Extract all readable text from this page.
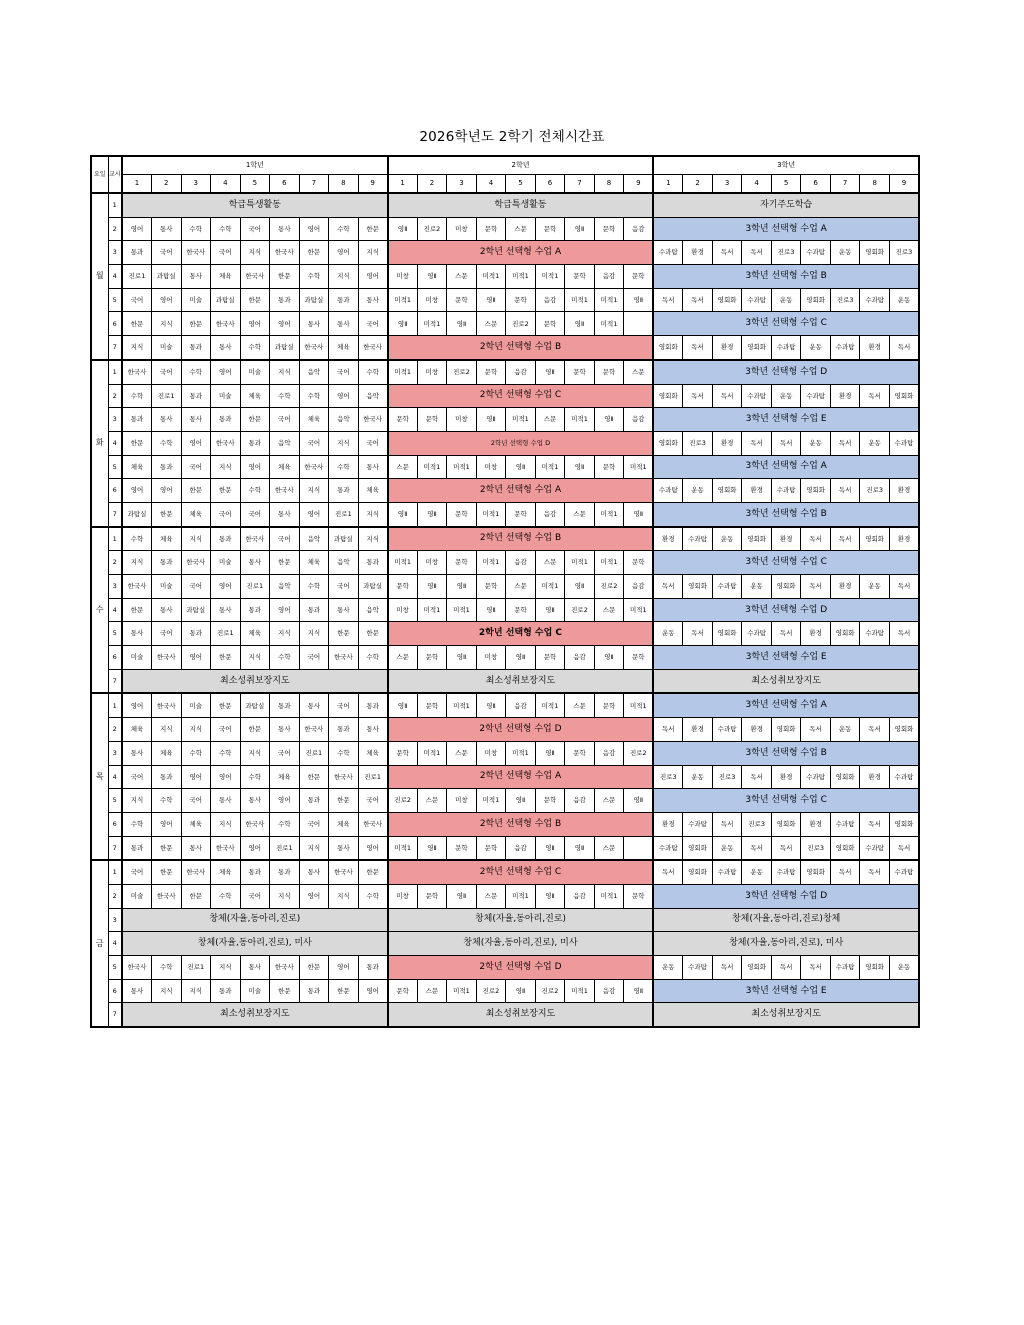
2026학년도 2학기 전체시간표
요일	교시	1학년									2학년									3학년								
		1	2	3	4	5	6	7	8	9	1	2	3	4	5	6	7	8	9	1	2	3	4	5	6	7	8	9
월	1	학급특생활동									학급특생활동									자기주도학습								
	2	영어	통사	수학	수학	국어	통사	영어	수학	한문	영Ⅱ	진로2	미창	문학	스문	문학	영Ⅱ	문학	음감	3학년 선택형 수업 A								
	3	통과	국어	한국사	국어	지식	한국사	한문	영어	지식	2학년 선택형 수업 A									수과탐	환경	독서	독서	진로3	수과탐	운동	영회화	진로3
	4	진로1	과탐실	통사	체육	한국사	한문	수학	지식	영어	미창	영Ⅱ	스문	미적1	미적1	미적1	문학	음감	문학	3학년 선택형 수업 B								
	5	국어	영어	미술	과탐실	한문	통과	과탐실	통과	통사	미적1	미창	문학	영Ⅱ	문학	음감	미적1	미적1	영Ⅱ	독서	독서	영회화	수과탐	운동	영회화	진로3	수과탐	운동
	6	한문	지식	한문	한국사	영어	영어	통사	통사	국어	영Ⅱ	미적1	영Ⅱ	스문	진로2	문학	영Ⅱ	미적1		3학년 선택형 수업 C								
	7	지식	미술	통과	통사	수학	과탐실	한국사	체육	한국사	2학년 선택형 수업 B									영회화	독서	환경	영회화	수과탐	운동	수과탐	환경	독서
화	1	한국사	국어	수학	영어	미술	지식	음악	국어	수학	미적1	미창	진로2	문학	음감	영Ⅱ	문학	문학	스문	3학년 선택형 수업 D								
	2	수학	진로1	통과	미술	체육	수학	수학	영어	음악	2학년 선택형 수업 C									영회화	독서	독서	수과탐	운동	수과탐	환경	독서	영회화
	3	통과	통사	통사	통과	한문	국어	체육	음악	한국사	문학	문학	미창	영Ⅱ	미적1	스문	미적1	영Ⅱ	음감	3학년 선택형 수업 E								
	4	한문	수학	영어	한국사	통과	음악	국어	지식	국어	2학년 선택형 수업 D									영회화	진로3	환경	독서	독서	운동	독서	운동	수과탐
	5	체육	통과	국어	지식	영어	체육	한국사	수학	통사	스문	미적1	미적1	미창	영Ⅱ	미적1	영Ⅱ	문학	미적1	3학년 선택형 수업 A								
	6	영어	영어	한문	한문	수학	한국사	지식	통과	체육	2학년 선택형 수업 A									수과탐	운동	영회화	환경	수과탐	영회화	독서	진로3	환경
	7	과탐실	한문	체육	국어	국어	통사	영어	진로1	지식	영Ⅱ	영Ⅱ	문학	미적1	문학	음감	스문	미적1	영Ⅱ	3학년 선택형 수업 B								
수	1	수학	체육	지식	통과	한국사	국어	음악	과탐실	지식	2학년 선택형 수업 B									환경	수과탐	운동	영회화	환경	독서	독서	영회화	환경
	2	지식	통과	한국사	미술	통사	한문	체육	음악	통과	미적1	미창	문학	미적1	음감	스문	미적1	미적1	문학	3학년 선택형 수업 C								
	3	한국사	미술	국어	영어	진로1	음악	수학	국어	과탐실	문학	영Ⅱ	영Ⅱ	문학	스문	미적1	영Ⅱ	진로2	음감	독서	영회화	수과탐	운동	영회화	독서	환경	운동	독서
	4	한문	통사	과탐실	통사	통과	영어	통과	통사	음악	미창	미적1	미적1	영Ⅱ	문학	영Ⅱ	진로2	스문	미적1	3학년 선택형 수업 D								
	5	통사	국어	통과	진로1	체육	지식	지식	한문	한문	2학년 선택형 수업 C									운동	독서	영회화	수과탐	독서	환경	영회화	수과탐	독서
	6	미술	한국사	영어	한문	지식	수학	국어	한국사	수학	스문	문학	영Ⅱ	미창	영Ⅱ	문학	음감	영Ⅱ	문학	3학년 선택형 수업 E								
	7	최소성취보장지도									최소성취보장지도									최소성취보장지도								
목	1	영어	한국사	미술	한문	과탐실	통과	통사	국어	통과	영Ⅱ	문학	미적1	영Ⅱ	음감	미적1	스문	문학	미적1	3학년 선택형 수업 A								
	2	체육	지식	지식	국어	한문	통사	한국사	통과	통사	2학년 선택형 수업 D									독서	환경	수과탐	환경	영회화	독서	운동	독서	영회화
	3	통사	체육	수학	수학	지식	국어	진로1	수학	체육	문학	미적1	스문	미창	미적1	영Ⅱ	문학	음감	진로2	3학년 선택형 수업 B								
	4	국어	통과	영어	영어	수학	체육	한문	한국사	진로1	2학년 선택형 수업 A									진로3	운동	진로3	독서	환경	수과탐	영회화	환경	수과탐
	5	지식	수학	국어	통사	통사	영어	통과	한문	국어	진로2	스문	미창	미적1	영Ⅱ	문학	음감	스문	영Ⅱ	3학년 선택형 수업 C								
	6	수학	영어	체육	지식	한국사	수학	국어	체육	한국사	2학년 선택형 수업 B									환경	수과탐	독서	진로3	영회화	환경	수과탐	독서	영회화
	7	통과	한문	통사	한국사	영어	진로1	지식	통사	영어	미적1	영Ⅱ	문학	문학	음감	영Ⅱ	영Ⅱ	스문		수과탐	영회화	운동	독서	독서	진로3	영회화	수과탐	독서
금	1	국어	한문	한국사	체육	통과	통과	통사	한국사	한문	2학년 선택형 수업 C									독서	영회화	수과탐	운동	수과탐	영회화	독서	독서	수과탐
	2	미술	한국사	한문	수학	국어	지식	영어	지식	수학	미창	문학	영Ⅱ	스문	미적1	영Ⅱ	음감	미적1	문학	3학년 선택형 수업 D								
	3	창체(자율,동아리,진로)									창체(자율,동아리,진로)									창체(자율,동아리,진로)창체								
	4	창체(자율,동아리,진로), 미사									창체(자율,동아리,진로), 미사									창체(자율,동아리,진로), 미사								
	5	한국사	수학	진로1	지식	통사	한국사	한문	영어	통과	2학년 선택형 수업 D									운동	수과탐	독서	영회화	독서	독서	수과탐	영회화	운동
	6	통사	지식	지식	통과	미술	한문	통과	한문	영어	문학	스문	미적1	진로2	영Ⅱ	진로2	미적1	음감	영Ⅱ	3학년 선택형 수업 E								
	7	최소성취보장지도									최소성취보장지도									최소성취보장지도								
